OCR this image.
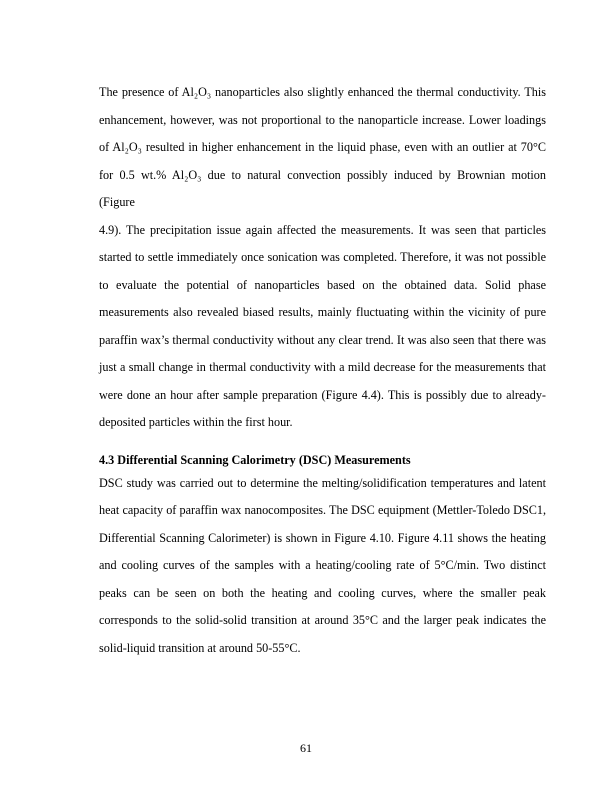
The presence of Al₂O₃ nanoparticles also slightly enhanced the thermal conductivity. This
enhancement, however, was not proportional to the nanoparticle increase. Lower loadings
of Al₂O₃ resulted in higher enhancement in the liquid phase, even with an outlier at 70°C
for 0.5 wt.% Al₂O₃ due to natural convection possibly induced by Brownian motion (Figure
4.9). The precipitation issue again affected the measurements. It was seen that particles
started to settle immediately once sonication was completed. Therefore, it was not possible
to evaluate the potential of nanoparticles based on the obtained data. Solid phase
measurements also revealed biased results, mainly fluctuating within the vicinity of pure
paraffin wax’s thermal conductivity without any clear trend. It was also seen that there was
just a small change in thermal conductivity with a mild decrease for the measurements that
were done an hour after sample preparation (Figure 4.4). This is possibly due to already-
deposited particles within the first hour.
4.3 Differential Scanning Calorimetry (DSC) Measurements
DSC study was carried out to determine the melting/solidification temperatures and latent
heat capacity of paraffin wax nanocomposites. The DSC equipment (Mettler-Toledo DSC1,
Differential Scanning Calorimeter) is shown in Figure 4.10. Figure 4.11 shows the heating
and cooling curves of the samples with a heating/cooling rate of 5°C/min. Two distinct
peaks can be seen on both the heating and cooling curves, where the smaller peak
corresponds to the solid-solid transition at around 35°C and the larger peak indicates the
solid-liquid transition at around 50-55°C.
61
